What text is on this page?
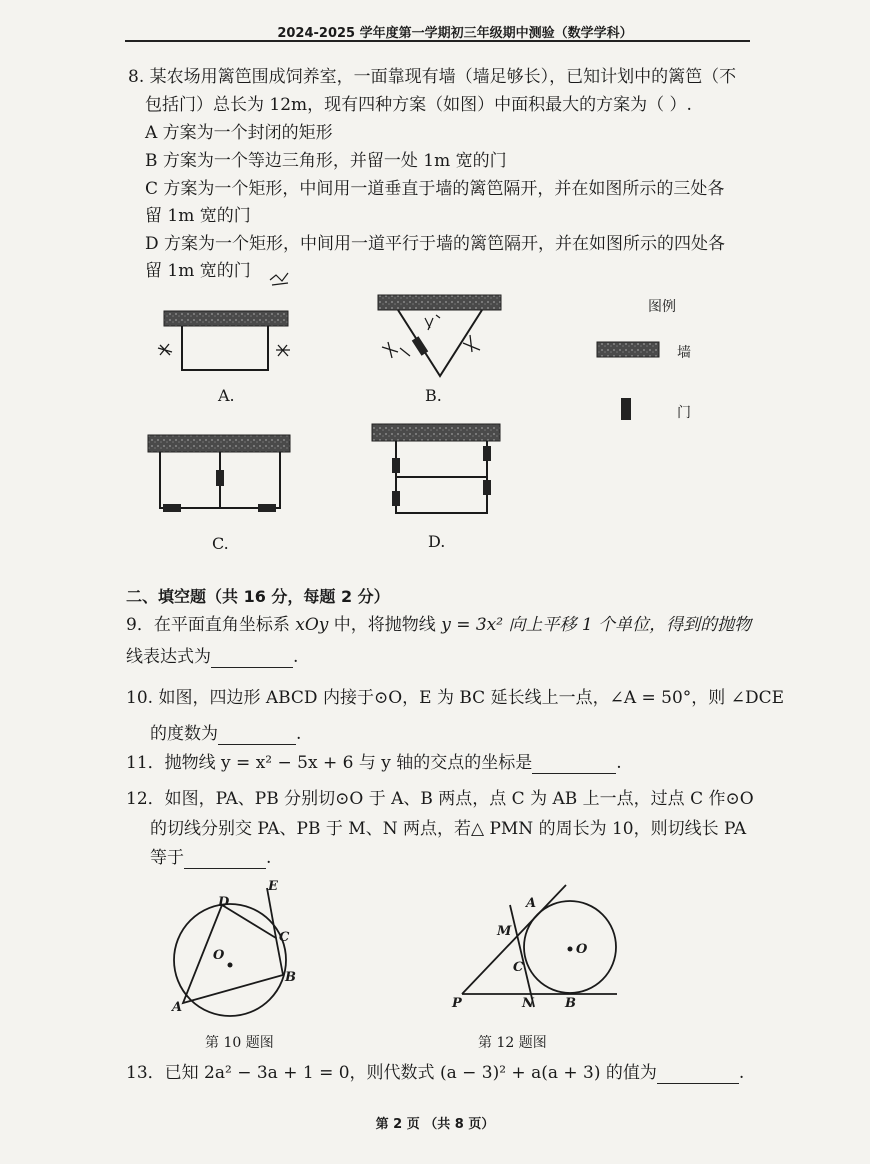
2024-2025 学年度第一学期初三年级期中测验（数学学科）
8. 某农场用篱笆围成饲养室，一面靠现有墙（墙足够长），已知计划中的篱笆（不
包括门）总长为 12m，现有四种方案（如图）中面积最大的方案为（ ）.
A 方案为一个封闭的矩形
B 方案为一个等边三角形，并留一处 1m 宽的门
C 方案为一个矩形，中间用一道垂直于墙的篱笆隔开，并在如图所示的三处各
留 1m 宽的门
D 方案为一个矩形，中间用一道平行于墙的篱笆隔开，并在如图所示的四处各
留 1m 宽的门
A.	B.
C.	D.
图例
墙
门
二、填空题（共 16 分，每题 2 分）
9．在平面直角坐标系 xOy 中，将抛物线 y = 3x² 向上平移 1 个单位，得到的抛物
线表达式为	.
10. 如图，四边形 ABCD 内接于⊙O，E 为 BC 延长线上一点，∠A = 50°，则 ∠DCE
的度数为	.
11．抛物线 y = x² − 5x + 6 与 y 轴的交点的坐标是	.
12．如图，PA、PB 分别切⊙O 于 A、B 两点，点 C 为 AB 上一点，过点 C 作⊙O
的切线分别交 PA、PB 于 M、N 两点，若△ PMN 的周长为 10，则切线长 PA
等于	.
D
E
C
O
B
A
第 10 题图
A
M
O
C
P	N B
第 12 题图
13．已知 2a² − 3a + 1 = 0，则代数式 (a − 3)² + a(a + 3) 的值为	.
第 2 页 （共 8 页）
